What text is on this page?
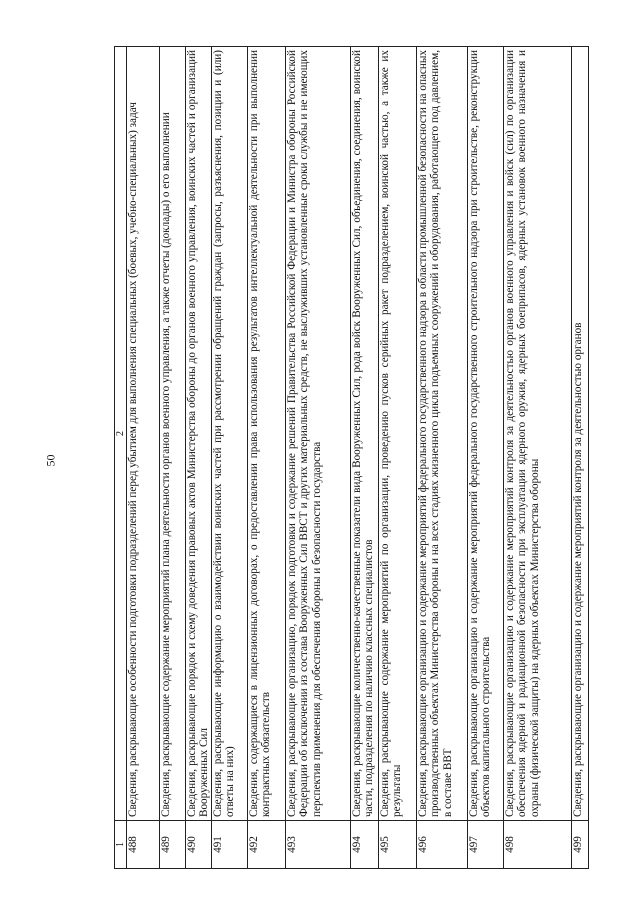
50
1	2
488	Сведения, раскрывающие особенности подготовки подразделений перед убытием для выполнения специальных (боевых, учебно-специальных) задач
489	Сведения, раскрывающие содержание мероприятий плана деятельности органов военного управления, а также отчеты (доклады) о его выполнении
490	Сведения, раскрывающие порядок и схему доведения правовых актов Министерства обороны до органов военного управления, воинских частей и организаций Вооруженных Сил
491	Сведения, раскрывающие информацию о взаимодействии воинских частей при рассмотрении обращений граждан (запросы, разъяснения, позиции и (или) ответы на них)
492	Сведения, содержащиеся в лицензионных договорах, о предоставлении права использования результатов интеллектуальной деятельности при выполнении контрактных обязательств
493	Сведения, раскрывающие организацию, порядок подготовки и содержание решений Правительства Российской Федерации и Министра обороны Российской Федерации об исключении из состава Вооруженных Сил ВВСТ и других материальных средств, не выслуживших установленные сроки службы и не имеющих перспектив применения для обеспечения обороны и безопасности государства
494	Сведения, раскрывающие количественно-качественные показатели вида Вооруженных Сил, рода войск Вооруженных Сил, объединения, соединения, воинской части, подразделения по наличию классных специалистов
495	Сведения, раскрывающие содержание мероприятий по организации, проведению пусков серийных ракет подразделением, воинской частью, а также их результаты
496	Сведения, раскрывающие организацию и содержание мероприятий федерального государственного надзора в области промышленной безопасности на опасных производственных объектах Министерства обороны и на всех стадиях жизненного цикла подъемных сооружений и оборудования, работающего под давлением, в составе ВВТ
497	Сведения, раскрывающие организацию и содержание мероприятий федерального государственного строительного надзора при строительстве, реконструкции объектов капитального строительства
498	Сведения, раскрывающие организацию и содержание мероприятий контроля за деятельностью органов военного управления и войск (сил) по организации обеспечения ядерной и радиационной безопасности при эксплуатации ядерного оружия, ядерных боеприпасов, ядерных установок военного назначения и охраны (физической защиты) на ядерных объектах Министерства обороны
499	Сведения, раскрывающие организацию и содержание мероприятий контроля за деятельностью органов
